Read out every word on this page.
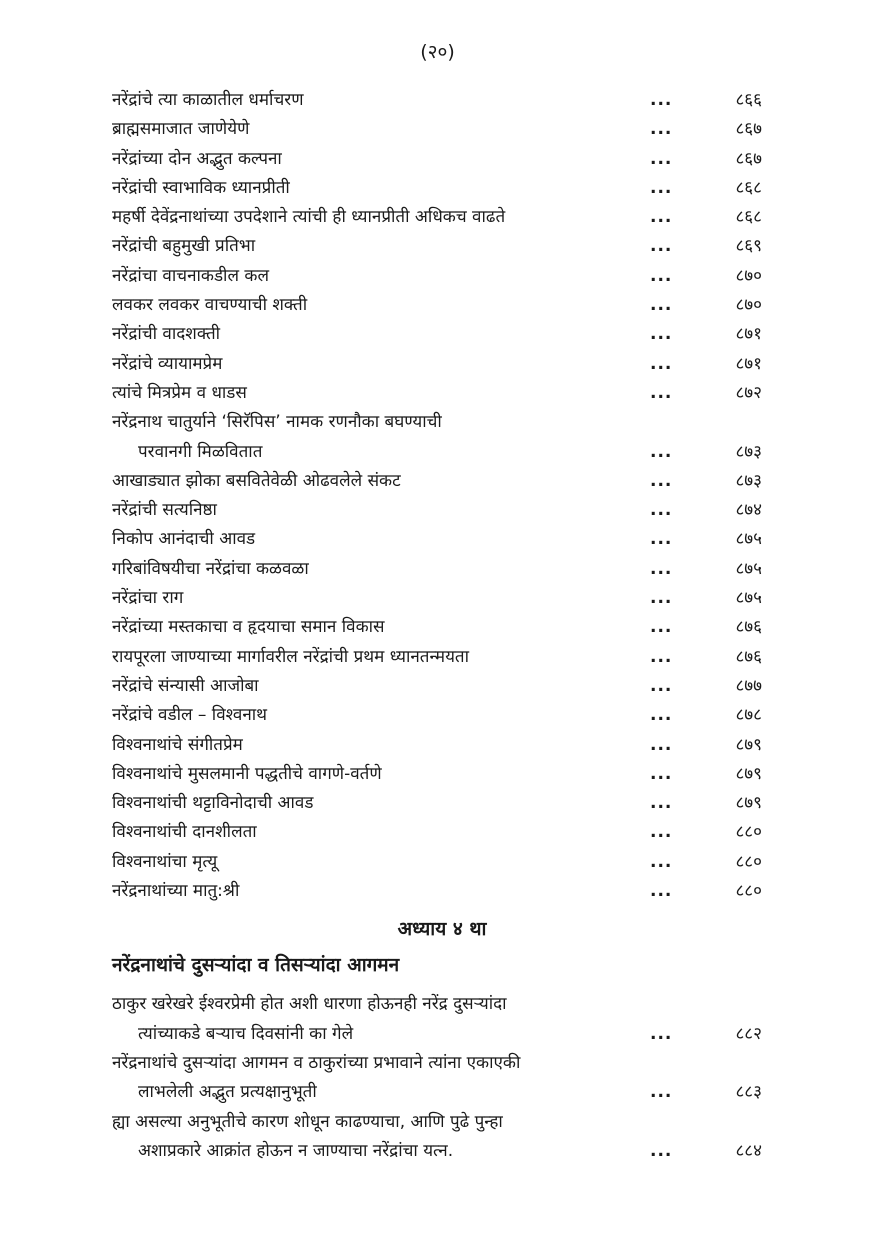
(२०)
नरेंद्रांचे त्या काळातील धर्माचरण	...	८६६
ब्राह्मसमाजात जाणेयेणे	...	८६७
नरेंद्रांच्या दोन अद्भुत कल्पना	...	८६७
नरेंद्रांची स्वाभाविक ध्यानप्रीती	...	८६८
महर्षी देवेंद्रनाथांच्या उपदेशाने त्यांची ही ध्यानप्रीती अधिकच वाढते	...	८६८
नरेंद्रांची बहुमुखी प्रतिभा	...	८६९
नरेंद्रांचा वाचनाकडील कल	...	८७०
लवकर लवकर वाचण्याची शक्ती	...	८७०
नरेंद्रांची वादशक्ती	...	८७१
नरेंद्रांचे व्यायामप्रेम	...	८७१
त्यांचे मित्रप्रेम व धाडस	...	८७२
नरेंद्रनाथ चातुर्याने ‘सिरॅपिस’ नामक रणनौका बघण्याची
परवानगी मिळवितात	...	८७३
आखाड्यात झोका बसवितेवेळी ओढवलेले संकट	...	८७३
नरेंद्रांची सत्यनिष्ठा	...	८७४
निकोप आनंदाची आवड	...	८७५
गरिबांविषयीचा नरेंद्रांचा कळवळा	...	८७५
नरेंद्रांचा राग	...	८७५
नरेंद्रांच्या मस्तकाचा व हृदयाचा समान विकास	...	८७६
रायपूरला जाण्याच्या मार्गावरील नरेंद्रांची प्रथम ध्यानतन्मयता	...	८७६
नरेंद्रांचे संन्यासी आजोबा	...	८७७
नरेंद्रांचे वडील – विश्वनाथ	...	८७८
विश्वनाथांचे संगीतप्रेम	...	८७९
विश्वनाथांचे मुसलमानी पद्धतीचे वागणे-वर्तणे	...	८७९
विश्वनाथांची थट्टाविनोदाची आवड	...	८७९
विश्वनाथांची दानशीलता	...	८८०
विश्वनाथांचा मृत्यू	...	८८०
नरेंद्रनाथांच्या मातु:श्री	...	८८०
अध्याय ४ था
नरेंद्रनाथांचे दुसऱ्यांदा व तिसऱ्यांदा आगमन
ठाकुर खरेखरे ईश्वरप्रेमी होत अशी धारणा होऊनही नरेंद्र दुसऱ्यांदा
त्यांच्याकडे बऱ्याच दिवसांनी का गेले	...	८८२
नरेंद्रनाथांचे दुसऱ्यांदा आगमन व ठाकुरांच्या प्रभावाने त्यांना एकाएकी
लाभलेली अद्भुत प्रत्यक्षानुभूती	...	८८३
ह्या असल्या अनुभूतीचे कारण शोधून काढण्याचा, आणि पुढे पुन्हा
अशाप्रकारे आक्रांत होऊन न जाण्याचा नरेंद्रांचा यत्न.	...	८८४
